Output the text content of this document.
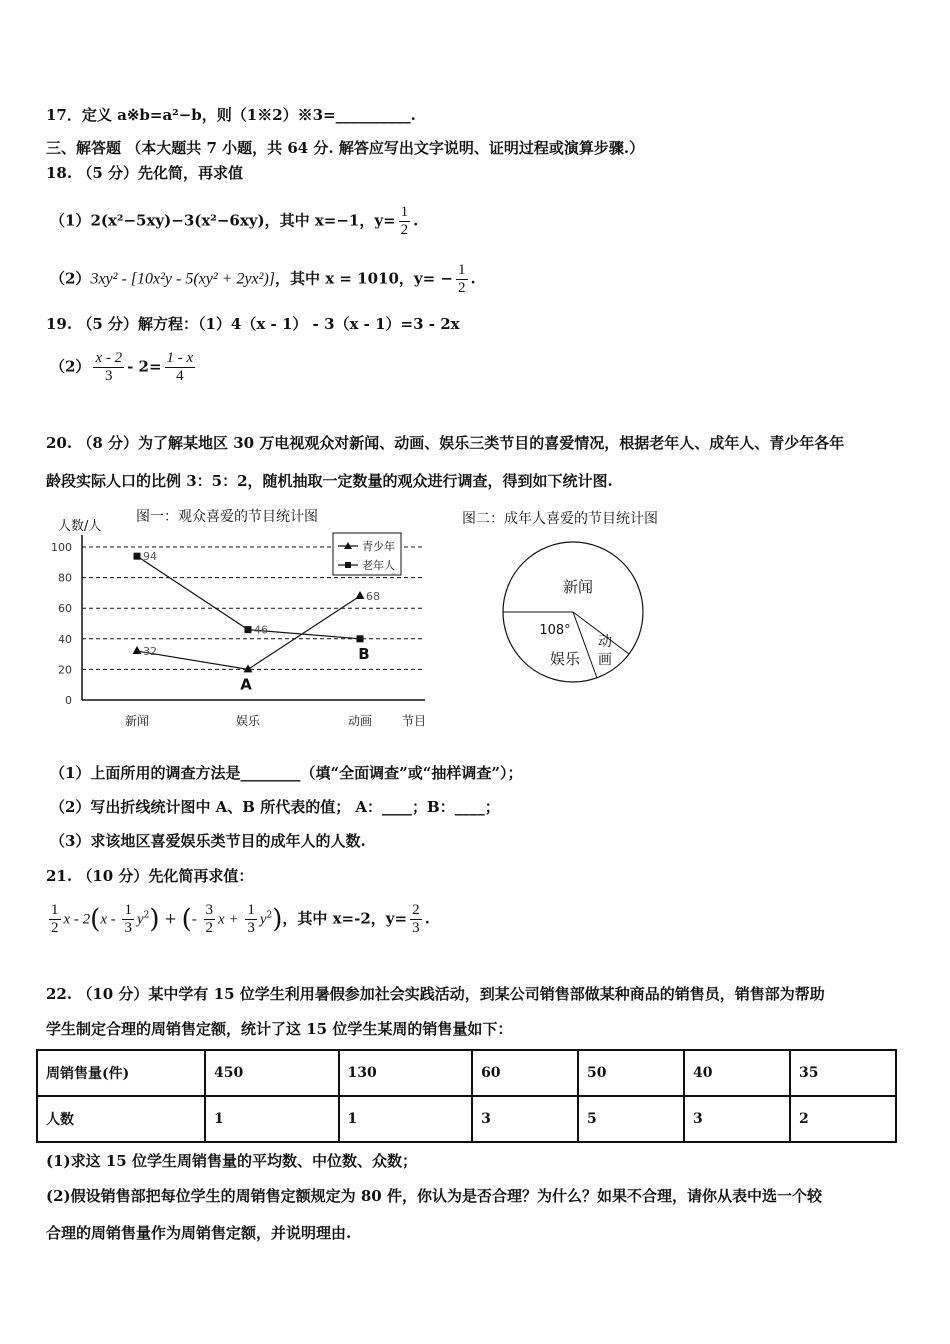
17．定义 a※b=a²−b，则（1※2）※3=__________.
三、解答题 （本大题共 7 小题，共 64 分. 解答应写出文字说明、证明过程或演算步骤.）
18. （5 分）先化简，再求值
（1）2(x²−5xy)−3(x²−6xy)，其中 x=−1，$y= \frac{1}{2}$ .
（2）3xy² - [10x²y - 5(xy² + 2yx²)]，其中 x = 1010，$y= - \frac{1}{2}$ .
19. （5 分）解方程：（1）4（x - 1） - 3（x - 1）=3 - 2x
$(2) \frac{x - 2}{3} - 2= \frac{1 - x}{4}$
20. （8 分）为了解某地区 30 万电视观众对新闻、动画、娱乐三类节目的喜爱情况，根据老年人、成年人、青少年各年
龄段实际人口的比例 3：5：2，随机抽取一定数量的观众进行调查，得到如下统计图.
图一：观众喜爱的节目统计图
人数/人
0
20
40
60
80
100
新闻	娱乐	动画 节目
32
A
68
94
46
B
青少年
老年人
图二：成年人喜爱的节目统计图
新闻
娱乐
108°
动
画
（1）上面所用的调查方法是________（填“全面调查”或“抽样调查”）；
（2）写出折线统计图中 A、B 所代表的值； A：____；B：____；
（3）求该地区喜爱娱乐类节目的成年人的人数.
21. （10 分）先化简再求值：
$\frac{1}{2}$ x - $2(x - \frac{1}{3} y^2)$ + (- $\frac{3}{2}$ $x + \frac{1}{3} y^2$)，其中 x=-2，$y= \frac{2}{3}$ .
22. （10 分）某中学有 15 位学生利用暑假参加社会实践活动，到某公司销售部做某种商品的销售员，销售部为帮助
学生制定合理的周销售定额，统计了这 15 位学生某周的销售量如下：
周销售量(件)	450	130	60	50	40	35
人数	1	1	3	5	3	2
(1)求这 15 位学生周销售量的平均数、中位数、众数；
(2)假设销售部把每位学生的周销售定额规定为 80 件，你认为是否合理？为什么？如果不合理，请你从表中选一个较
合理的周销售量作为周销售定额，并说明理由.
